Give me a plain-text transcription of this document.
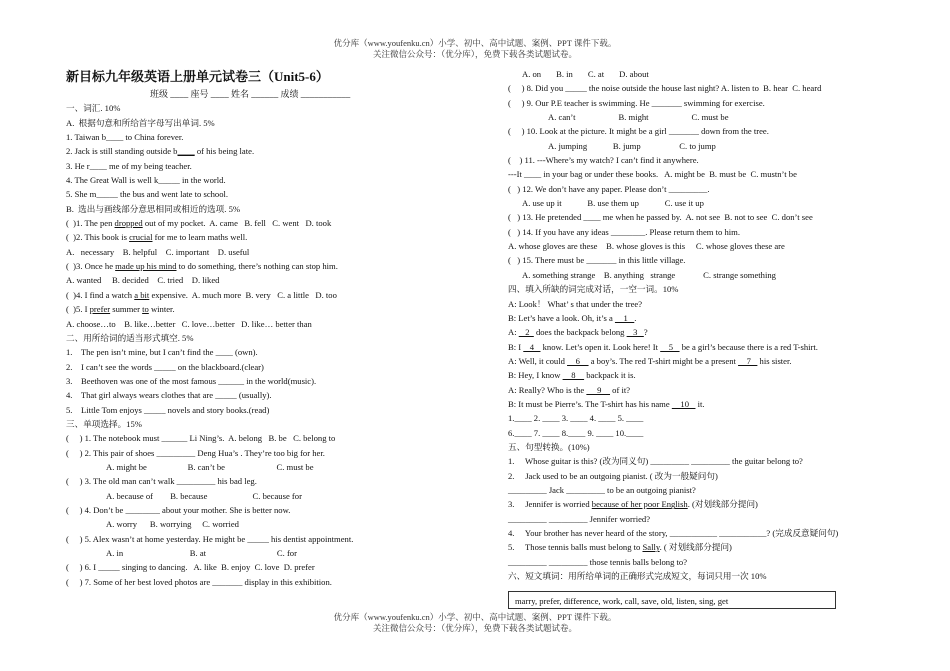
优分库（www.youfenku.cn）小学、初中、高中试题、案例、PPT 课件下载。
关注微信公众号：（优分库），免费下载各类试题试卷。
新目标九年级英语上册单元试卷三（Unit5-6）
班级 ____ 座号 ____ 姓名 ______ 成绩 ___________
一、词汇. 10%
A.  根据句意和所给首字母写出单词. 5%
1. Taiwan b____ to China forever.
2. Jack is still standing outside b____ of his being late.
3. He r____ me of my being teacher.
4. The Great Wall is well k_____ in the world.
5. She m_____ the bus and went late to school.
B.  选出与画线部分意思相同或相近的选项. 5%
(  )1. The pen dropped out of my pocket.  A. came   B. fell   C. went   D. took
(  )2. This book is crucial for me to learn maths well.
A.   necessary    B. helpful    C. important    D. useful
(  )3. Once he made up his mind to do something, there’s nothing can stop him.
A. wanted     B. decided    C. tried    D. liked
(  )4. I find a watch a bit expensive.  A. much more  B. very   C. a little   D. too
(  )5. I prefer summer to winter.
A. choose…to    B. like…better   C. love…better   D. like… better than
二、用所给词的适当形式填空. 5%
1.    The pen isn’t mine, but I can’t find the ____ (own).
2.    I can’t see the words _____ on the blackboard.(clear)
3.    Beethoven was one of the most famous ______ in the world(music).
4.    That girl always wears clothes that are _____ (usually).
5.    Little Tom enjoys _____ novels and story books.(read)
三、单项选择。15%
(     ) 1. The notebook must ______ Li Ning’s.  A. belong   B. be   C. belong to
(     ) 2. This pair of shoes _________ Deng Hua’s . They’re too big for her.
A. might be                   B. can’t be                        C. must be
(     ) 3. The old man can’t walk _________ his bad leg.
A. because of        B. because                     C. because for
(     ) 4. Don’t be ________ about your mother. She is better now.
A. worry      B. worrying     C. worried
(     ) 5. Alex wasn’t at home yesterday. He might be _____ his dentist appointment.
A. in                               B. at                                 C. for
(     ) 6. I _____ singing to dancing.   A. like  B. enjoy  C. love  D. prefer
(     ) 7. Some of her best loved photos are _______ display in this exhibition.
A. on       B. in       C. at       D. about
(     ) 8. Did you _____ the noise outside the house last night? A. listen to  B. hear  C. heard
(     ) 9. Our P.E teacher is swimming. He _______ swimming for exercise.
A. can’t                    B. might                    C. must be
(     ) 10. Look at the picture. It might be a girl _______ down from the tree.
A. jumping            B. jump                  C. to jump
(    ) 11. ---Where’s my watch? I can’t find it anywhere.
---It ____ in your bag or under these books.   A. might be  B. must be  C. mustn’t be
(   ) 12. We don’t have any paper. Please don’t _________.
A. use up it            B. use them up            C. use it up
(   ) 13. He pretended ____ me when he passed by.  A. not see  B. not to see  C. don’t see
(   ) 14. If you have any ideas ________. Please return them to him.
A. whose gloves are these    B. whose gloves is this     C. whose gloves these are
(   ) 15. There must be _______ in this little village.
A. something strange    B. anything   strange             C. strange something
四、填入所缺的词完成对话，一空一词。10%
A: Look！ What’ s that under the tree?
B: Let’s have a look. Oh, it’s a     1   .
A:    2   does the backpack belong    3   ?
B: I    4    know. Let’s open it. Look here! It     5    be a girl’s because there is a red T-shirt.
A: Well, it could     6     a boy’s. The red T-shirt might be a present     7    his sister.
B: Hey, I know     8     backpack it is.
A: Really? Who is the      9     of it?
B: It must be Pierre’s. The T-shirt has his name     10    it.
1.____ 2. ____ 3. ____ 4. ____ 5. ____
6.____ 7. ____ 8.____ 9. ____ 10.____
五、句型转换。(10%)
1.     Whose guitar is this? (改为同义句) _________ _________ the guitar belong to?
2.     Jack used to be an outgoing pianist. ( 改为一般疑问句)
_________ Jack _________ to be an outgoing pianist?
3.     Jennifer is worried because of her poor English. (对划线部分提问)
_________ _________ Jennifer worried?
4.     Your brother has never heard of the story, ___________ ___________? (完成反意疑问句)
5.     Those tennis balls must belong to Sally. ( 对划线部分提问)
_________ _________ those tennis balls belong to?
六、短文填词：用所给单词的正确形式完成短文，每词只用一次 10%
marry, prefer, difference, work, call, save, old, listen, sing, get
优分库（www.youfenku.cn）小学、初中、高中试题、案例、PPT 课件下载。
关注微信公众号：（优分库），免费下载各类试题试卷。
